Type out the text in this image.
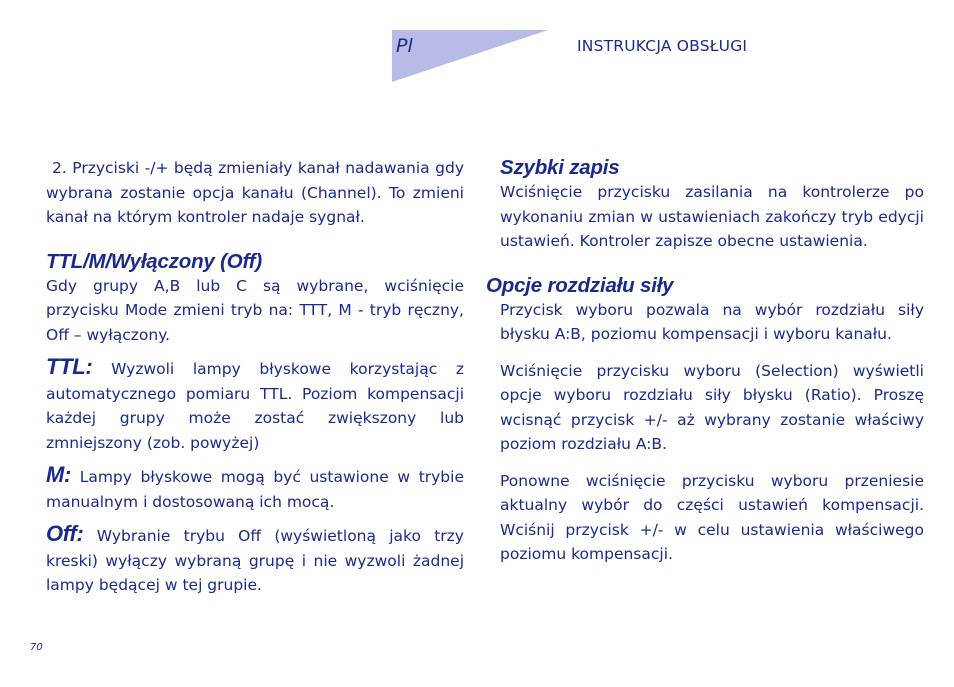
Pl	INSTRUKCJA OBSŁUGI

2. Przyciski -/+ będą zmieniały kanał nadawania gdy wybrana zostanie opcja kanału (Channel). To zmieni kanał na którym kontroler nadaje sygnał.

TTL/M/Wyłączony (Off)

Gdy grupy A,B lub C są wybrane, wciśnięcie przycisku Mode zmieni tryb na: TTT, M - tryb ręczny, Off – wyłączony.

TTL: Wyzwoli lampy błyskowe korzystając z automatycznego pomiaru TTL. Poziom kompensacji każdej grupy może zostać zwiększony lub zmniejszony (zob. powyżej)

M: Lampy błyskowe mogą być ustawione w trybie manualnym i dostosowaną ich mocą.

Off: Wybranie trybu Off (wyświetloną jako trzy kreski) wyłączy wybraną grupę i nie wyzwoli żadnej lampy będącej w tej grupie.

Szybki zapis

Wciśnięcie przycisku zasilania na kontrolerze po wykonaniu zmian w ustawieniach zakończy tryb edycji ustawień. Kontroler zapisze obecne ustawienia.

Opcje rozdziału siły

Przycisk wyboru pozwala na wybór rozdziału siły błysku A:B, poziomu kompensacji i wyboru kanału.

Wciśnięcie przycisku wyboru (Selection) wyświetli opcje wyboru rozdziału siły błysku (Ratio). Proszę wcisnąć przycisk +/- aż wybrany zostanie właściwy poziom rozdziału A:B.

Ponowne wciśnięcie przycisku wyboru przeniesie aktualny wybór do części ustawień kompensacji. Wciśnij przycisk +/- w celu ustawienia właściwego poziomu kompensacji.

70
